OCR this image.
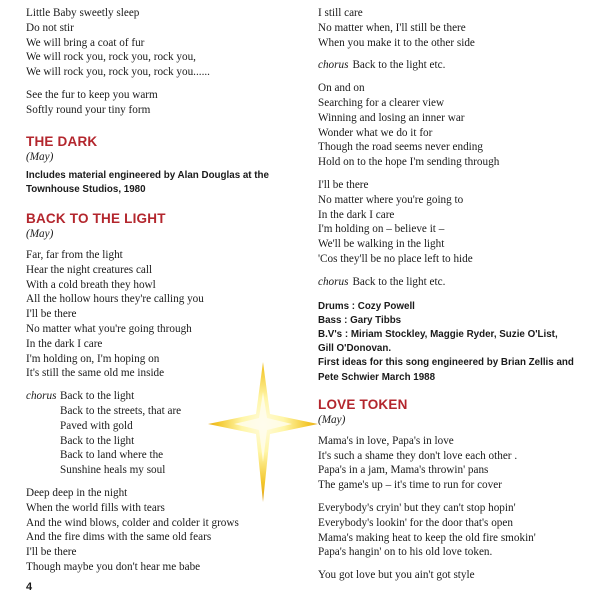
Little Baby sweetly sleep

Do not stir

We will bring a coat of fur

We will rock you, rock you, rock you,

We will rock you, rock you, rock you......

See the fur to keep you warm

Softly round your tiny form

THE DARK

(May)

Includes material engineered by Alan Douglas at the

Townhouse Studios, 1980

BACK TO THE LIGHT

(May)

Far, far from the light

Hear the night creatures call

With a cold breath they howl

All the hollow hours they're calling you

I'll be there

No matter what you're going through

In the dark I care

I'm holding on, I'm hoping on

It's still the same old me inside

chorus Back to the light

Back to the streets, that are

Paved with gold

Back to the light

Back to land where the

Sunshine heals my soul

Deep deep in the night

When the world fills with tears

And the wind blows, colder and colder it grows

And the fire dims with the same old fears

I'll be there

Though maybe you don't hear me babe

I still care

No matter when, I'll still be there

When you make it to the other side

chorus Back to the light etc.

On and on

Searching for a clearer view

Winning and losing an inner war

Wonder what we do it for

Though the road seems never ending

Hold on to the hope I'm sending through

I'll be there

No matter where you're going to

In the dark I care

I'm holding on – believe it –

We'll be walking in the light

'Cos they'll be no place left to hide

chorus Back to the light etc.

Drums : Cozy Powell

Bass : Gary Tibbs

B.V's : Miriam Stockley, Maggie Ryder, Suzie O'List,

Gill O'Donovan.

First ideas for this song engineered by Brian Zellis and

Pete Schwier March 1988

LOVE TOKEN

(May)

Mama's in love, Papa's in love

It's such a shame they don't love each other .

Papa's in a jam, Mama's throwin' pans

The game's up – it's time to run for cover

Everybody's cryin' but they can't stop hopin'

Everybody's lookin' for the door that's open

Mama's making heat to keep the old fire smokin'

Papa's hangin' on to his old love token.

You got love but you ain't got style

4
